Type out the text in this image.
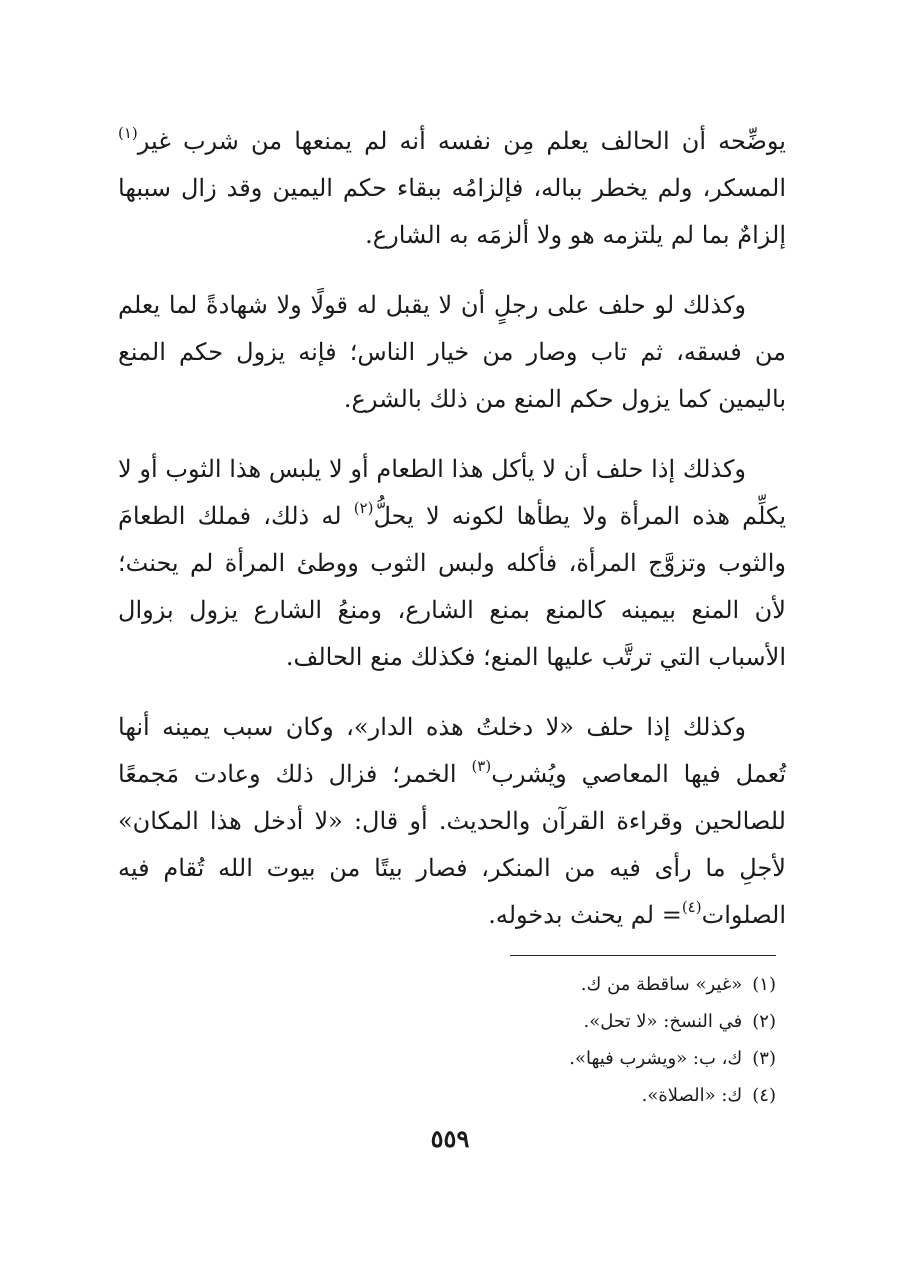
يوضِّحه أن الحالف يعلم مِن نفسه أنه لم يمنعها من شرب غير$^{(١)}$ المسكر، ولم يخطر بباله، فإلزامُه ببقاء حكم اليمين وقد زال سببها إلزامٌ بما لم يلتزمه هو ولا ألزمَه به الشارع.

وكذلك لو حلف على رجلٍ أن لا يقبل له قولًا ولا شهادةً لما يعلم من فسقه، ثم تاب وصار من خيار الناس؛ فإنه يزول حكم المنع باليمين كما يزول حكم المنع من ذلك بالشرع.

وكذلك إذا حلف أن لا يأكل هذا الطعام أو لا يلبس هذا الثوب أو لا يكلِّم هذه المرأة ولا يطأها لكونه لا يحلُّ$^{(٢)}$ له ذلك، فملك الطعامَ والثوب وتزوَّج المرأة، فأكله ولبس الثوب ووطئ المرأة لم يحنث؛ لأن المنع بيمينه كالمنع بمنع الشارع، ومنعُ الشارع يزول بزوال الأسباب التي ترتَّب عليها المنع؛ فكذلك منع الحالف.

وكذلك إذا حلف «لا دخلتُ هذه الدار»، وكان سبب يمينه أنها تُعمل فيها المعاصي ويُشرب$^{(٣)}$ الخمر؛ فزال ذلك وعادت مَجمعًا للصالحين وقراءة القرآن والحديث. أو قال: «لا أدخل هذا المكان» لأجلِ ما رأى فيه من المنكر، فصار بيتًا من بيوت الله تُقام فيه الصلوات$^{(٤)}$= لم يحنث بدخوله.

(١)«غير» ساقطة من ك.
(٢)في النسخ: «لا تحل».
(٣)ك، ب: «ويشرب فيها».
(٤)ك: «الصلاة».
٥٥٩
